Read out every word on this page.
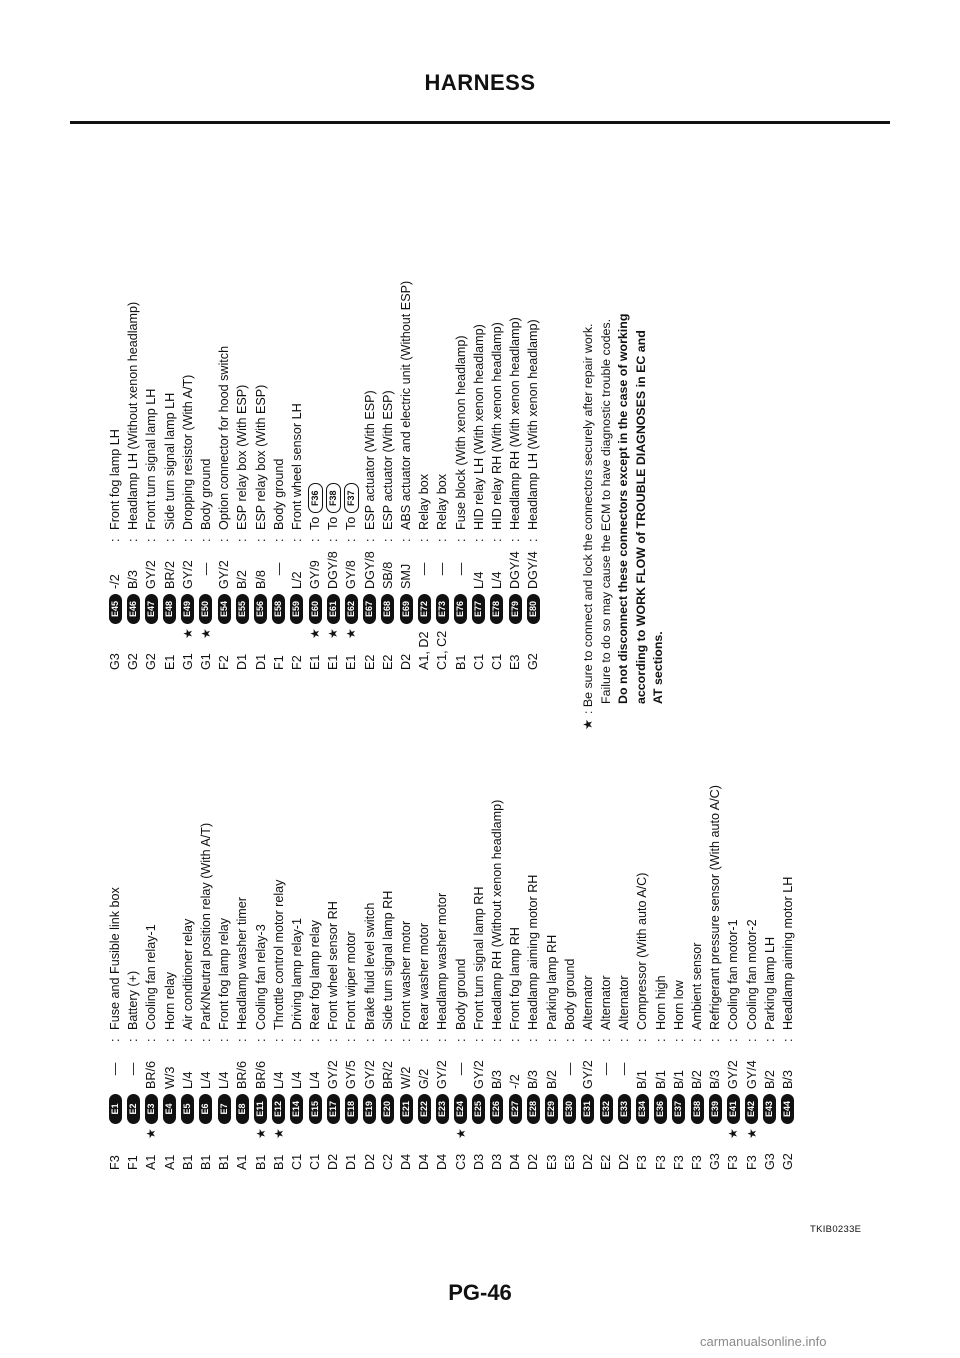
HARNESS
F3
E1
—
:
Fuse and Fusible link box
F1
E2
—
:
Battery (+)
A1
★
E3
BR/6
:
Cooling fan relay-1
A1
E4
W/3
:
Horn relay
B1
E5
L/4
:
Air conditioner relay
B1
E6
L/4
:
Park/Neutral position relay (With A/T)
B1
E7
L/4
:
Front fog lamp relay
A1
E8
BR/6
:
Headlamp washer timer
B1
★
E11
BR/6
:
Cooling fan relay-3
B1
★
E12
L/4
:
Throttle control motor relay
C1
E14
L/4
:
Driving lamp relay-1
C1
E15
L/4
:
Rear fog lamp relay
D2
E17
GY/2
:
Front wheel sensor RH
D1
E18
GY/5
:
Front wiper motor
D2
E19
GY/2
:
Brake fluid level switch
C2
E20
BR/2
:
Side turn signal lamp RH
D4
E21
W/2
:
Front washer motor
D4
E22
G/2
:
Rear washer motor
D4
E23
GY/2
:
Headlamp washer motor
C3
★
E24
—
:
Body ground
D3
E25
GY/2
:
Front turn signal lamp RH
D3
E26
B/3
:
Headlamp RH (Without xenon headlamp)
D4
E27
-/2
:
Front fog lamp RH
D2
E28
B/3
:
Headlamp aiming motor RH
E3
E29
B/2
:
Parking lamp RH
E3
E30
—
:
Body ground
D2
E31
GY/2
:
Alternator
E2
E32
—
:
Alternator
D2
E33
—
:
Alternator
F3
E34
B/1
:
Compressor (With auto A/C)
F3
E36
B/1
:
Horn high
F3
E37
B/1
:
Horn low
F3
E38
B/2
:
Ambient sensor
G3
E39
B/3
:
Refrigerant pressure sensor (With auto A/C)
F3
★
E41
GY/2
:
Cooling fan motor-1
F3
★
E42
GY/4
:
Cooling fan motor-2
G3
E43
B/2
:
Parking lamp LH
G2
E44
B/3
:
Headlamp aiming motor LH
G3
E45
-/2
:
Front fog lamp LH
G2
E46
B/3
:
Headlamp LH (Without xenon headlamp)
G2
E47
GY/2
:
Front turn signal lamp LH
E1
E48
BR/2
:
Side turn signal lamp LH
G1
★
E49
GY/2
:
Dropping resistor (With A/T)
G1
★
E50
—
:
Body ground
F2
E54
GY/2
:
Option connector for hood switch
D1
E55
B/2
:
ESP relay box (With ESP)
D1
E56
B/8
:
ESP relay box (With ESP)
F1
E58
—
:
Body ground
F2
E59
L/2
:
Front wheel sensor LH
E1
★
E60
GY/9
:
To F36
E1
★
E61
DGY/8
:
To F38
E1
★
E62
GY/8
:
To F37
E2
E67
DGY/8
:
ESP actuator (With ESP)
E2
E68
SB/8
:
ESP actuator (With ESP)
D2
E69
SMJ
:
ABS actuator and electric unit (Without ESP)
A1, D2
E72
—
:
Relay box
C1, C2
E73
—
:
Relay box
B1
E76
—
:
Fuse block (With xenon headlamp)
C1
E77
L/4
:
HID relay LH (With xenon headlamp)
C1
E78
L/4
:
HID relay RH (With xenon headlamp)
E3
E79
DGY/4
:
Headlamp RH (With xenon headlamp)
G2
E80
DGY/4
:
Headlamp LH (With xenon headlamp)
★
: Be sure to connect and lock the connectors securely after repair work. Failure to do so may cause the ECM to have diagnostic trouble codes. Do not disconnect these connectors except in the case of working according to WORK FLOW of TROUBLE DIAGNOSES in EC and AT sections.
TKIB0233E
PG-46
carmanualsonline.info
